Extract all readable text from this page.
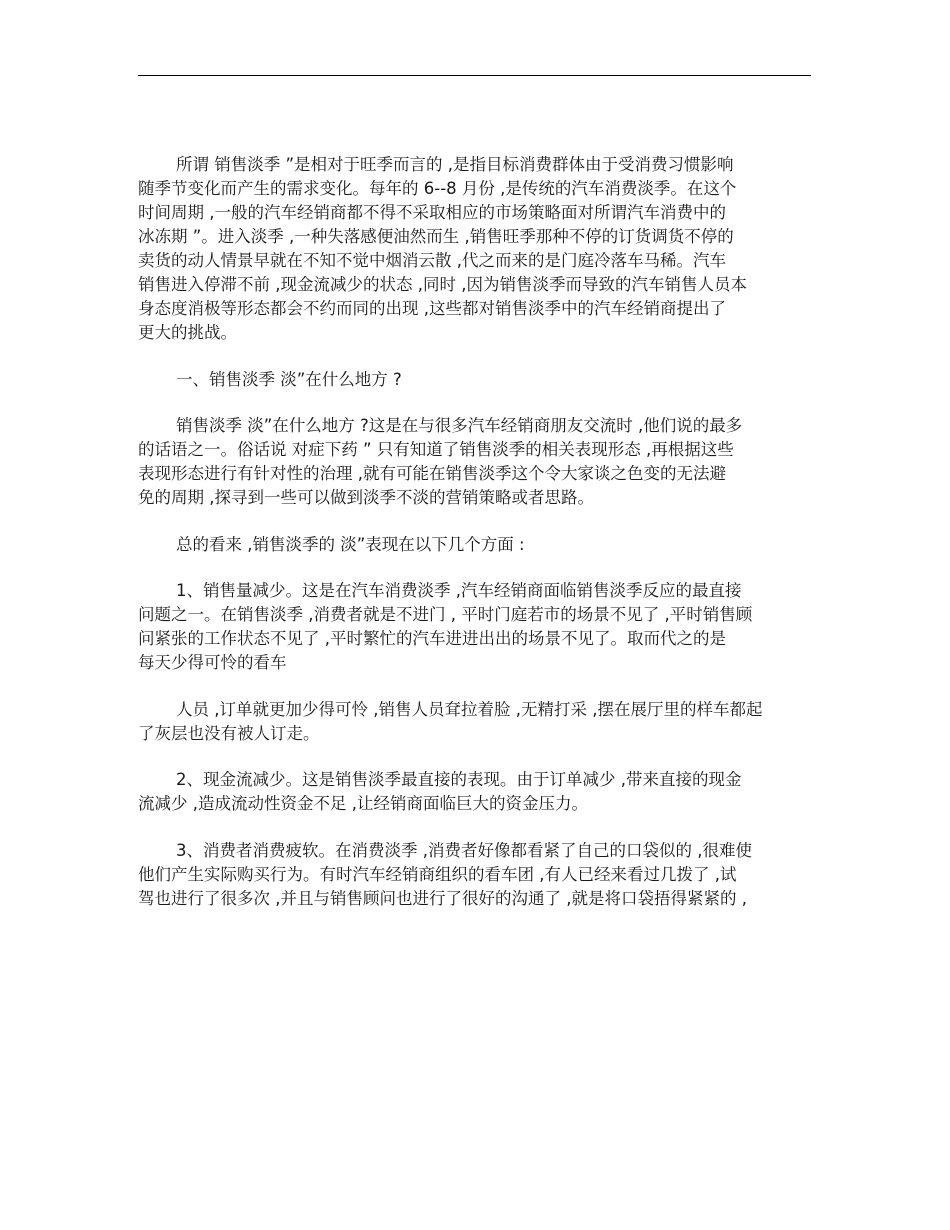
所谓 销售淡季 ”是相对于旺季而言的 ,是指目标消费群体由于受消费习惯影响
随季节变化而产生的需求变化。每年的 6--8 月份 ,是传统的汽车消费淡季。在这个
时间周期 ,一般的汽车经销商都不得不采取相应的市场策略面对所谓汽车消费中的
冰冻期 ”。进入淡季 ,一种失落感便油然而生 ,销售旺季那种不停的订货调货不停的
卖货的动人情景早就在不知不觉中烟消云散 ,代之而来的是门庭冷落车马稀。汽车
销售进入停滞不前 ,现金流减少的状态 ,同时 ,因为销售淡季而导致的汽车销售人员本
身态度消极等形态都会不约而同的出现 ,这些都对销售淡季中的汽车经销商提出了
更大的挑战。
一、销售淡季 淡”在什么地方 ?
销售淡季 淡”在什么地方 ?这是在与很多汽车经销商朋友交流时 ,他们说的最多
的话语之一。俗话说 对症下药 ” 只有知道了销售淡季的相关表现形态 ,再根据这些
表现形态进行有针对性的治理 ,就有可能在销售淡季这个令大家谈之色变的无法避
免的周期 ,探寻到一些可以做到淡季不淡的营销策略或者思路。
总的看来 ,销售淡季的 淡”表现在以下几个方面 :
1、销售量减少。这是在汽车消费淡季 ,汽车经销商面临销售淡季反应的最直接
问题之一。在销售淡季 ,消费者就是不进门 , 平时门庭若市的场景不见了 ,平时销售顾
问紧张的工作状态不见了 ,平时繁忙的汽车进进出出的场景不见了。取而代之的是
每天少得可怜的看车
人员 ,订单就更加少得可怜 ,销售人员耷拉着脸 ,无精打采 ,摆在展厅里的样车都起
了灰层也没有被人订走。
2、现金流减少。这是销售淡季最直接的表现。由于订单减少 ,带来直接的现金
流减少 ,造成流动性资金不足 ,让经销商面临巨大的资金压力。
3、消费者消费疲软。在消费淡季 ,消费者好像都看紧了自己的口袋似的 ,很难使
他们产生实际购买行为。有时汽车经销商组织的看车团 ,有人已经来看过几拨了 ,试
驾也进行了很多次 ,并且与销售顾问也进行了很好的沟通了 ,就是将口袋捂得紧紧的 ,
